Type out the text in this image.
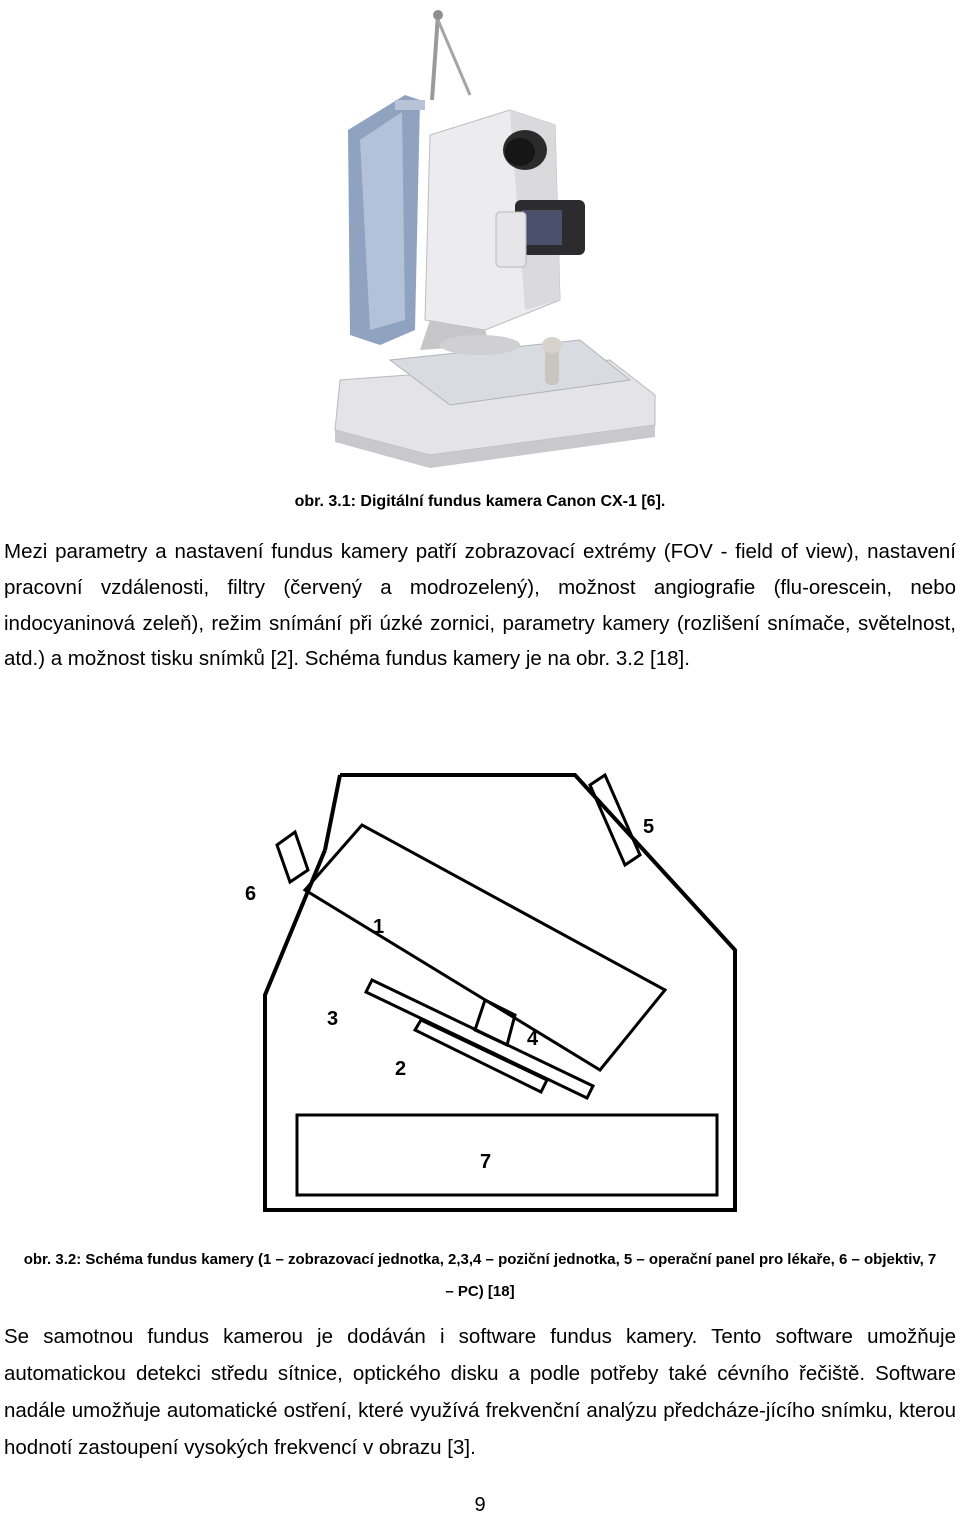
obr. 3.1: Digitální fundus kamera Canon CX-1 [6].
Mezi parametry a nastavení fundus kamery patří zobrazovací extrémy (FOV - field of view), nastavení pracovní vzdálenosti, filtry (červený a modrozelený), možnost angiografie (flu-orescein, nebo indocyaninová zeleň), režim snímání při úzké zornici, parametry kamery (rozlišení snímače, světelnost, atd.) a možnost tisku snímků [2]. Schéma fundus kamery je na obr. 3.2 [18].
5
6
1
3
4
2
7
obr. 3.2: Schéma fundus kamery (1 – zobrazovací jednotka, 2,3,4 – poziční jednotka, 5 – operační panel pro lékaře, 6 – objektiv, 7 – PC) [18]
Se samotnou fundus kamerou je dodáván i software fundus kamery. Tento software umožňuje automatickou detekci středu sítnice, optického disku a podle potřeby také cévního řečiště. Software nadále umožňuje automatické ostření, které využívá frekvenční analýzu předcháze-jícího snímku, kterou hodnotí zastoupení vysokých frekvencí v obrazu [3].
9
